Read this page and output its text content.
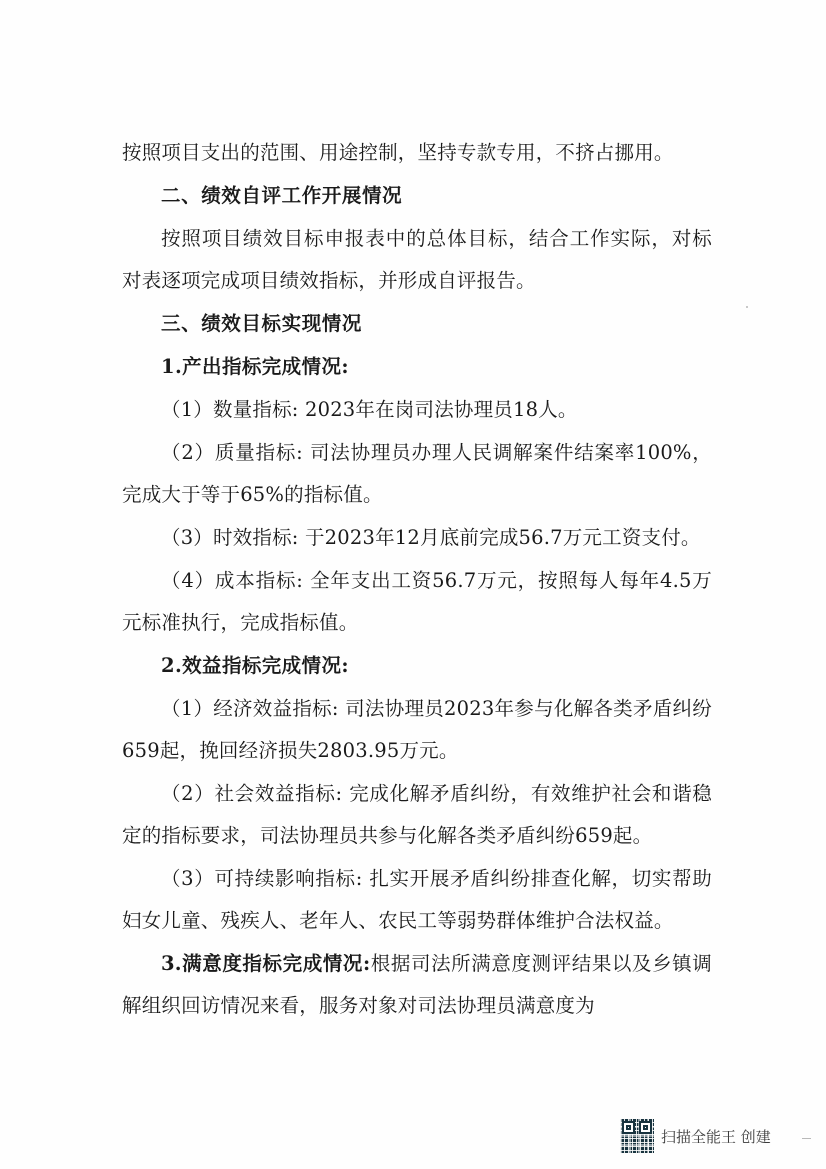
按照项目支出的范围、用途控制，坚持专款专用，不挤占挪用。

二、绩效自评工作开展情况

按照项目绩效目标申报表中的总体目标，结合工作实际，对标对表逐项完成项目绩效指标，并形成自评报告。

三、绩效目标实现情况

1.产出指标完成情况:

（1）数量指标: 2023年在岗司法协理员18人。

（2）质量指标: 司法协理员办理人民调解案件结案率100%，完成大于等于65%的指标值。

（3）时效指标: 于2023年12月底前完成56.7万元工资支付。

（4）成本指标: 全年支出工资56.7万元，按照每人每年4.5万元标准执行，完成指标值。

2.效益指标完成情况:

（1）经济效益指标: 司法协理员2023年参与化解各类矛盾纠纷659起，挽回经济损失2803.95万元。

（2）社会效益指标: 完成化解矛盾纠纷，有效维护社会和谐稳定的指标要求，司法协理员共参与化解各类矛盾纠纷659起。

（3）可持续影响指标: 扎实开展矛盾纠纷排查化解，切实帮助妇女儿童、残疾人、老年人、农民工等弱势群体维护合法权益。

3.满意度指标完成情况:根据司法所满意度测评结果以及乡镇调解组织回访情况来看，服务对象对司法协理员满意度为

扫描全能王 创建
